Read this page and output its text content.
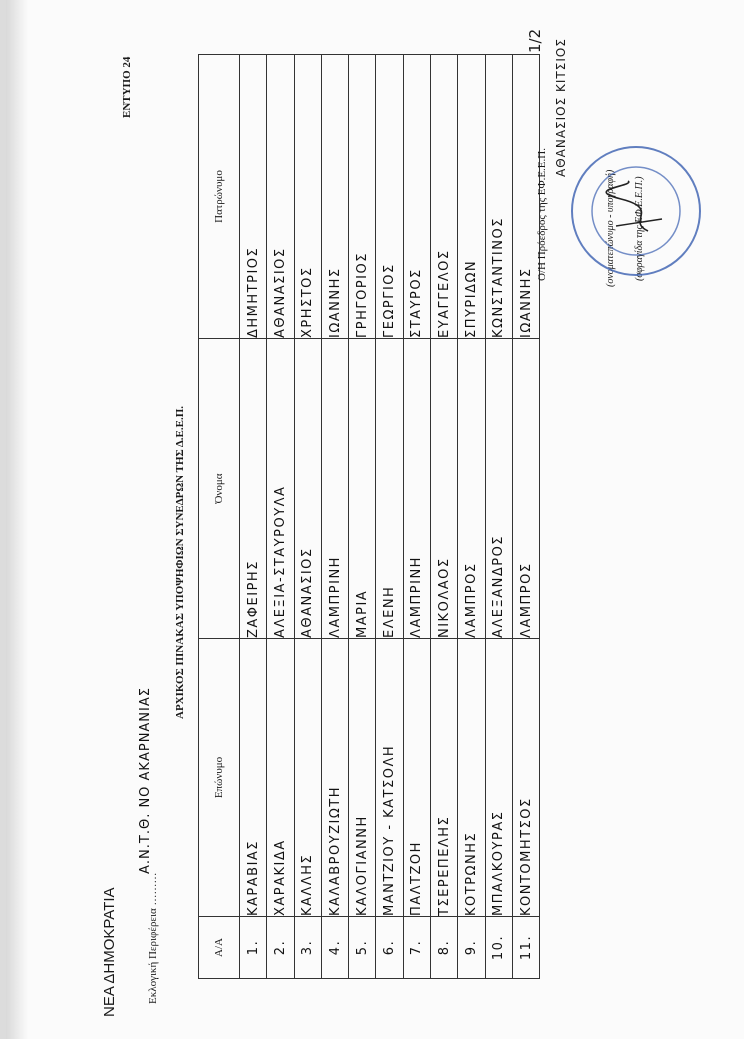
ΕΝΤΥΠΟ 24
ΝΕΑ ΔΗΜΟΚΡΑΤΙΑ	Εκλογική Περιφέρεια ………
Α.Ν.Τ.Θ. ΝΟ ΑΚΑΡΝΑΝΙΑΣ
ΑΡΧΙΚΟΣ ΠΙΝΑΚΑΣ ΥΠΟΨΗΦΙΩΝ ΣΥΝΕΔΡΩΝ ΤΗΣ Δ.Ε.Ε.Π.
Α/Α	Επώνυμο	Όνομα	Πατρώνυμο
1.	ΚΑΡΑΒΙΑΣ	ΖΑΦΕΙΡΗΣ	ΔΗΜΗΤΡΙΟΣ
2.	ΧΑΡΑΚΙΔΑ	ΑΛΕΞΙΑ-ΣΤΑΥΡΟΥΛΑ	ΑΘΑΝΑΣΙΟΣ
3.	ΚΑΛΛΗΣ	ΑΘΑΝΑΣΙΟΣ	ΧΡΗΣΤΟΣ
4.	ΚΑΛΑΒΡΟΥΖΙΩΤΗ	ΛΑΜΠΡΙΝΗ	ΙΩΑΝΝΗΣ
5.	ΚΑΛΟΓΙΑΝΝΗ	ΜΑΡΙΑ	ΓΡΗΓΟΡΙΟΣ
6.	ΜΑΝΤΖΙΟΥ - ΚΑΤΣΟΛΗ	ΕΛΕΝΗ	ΓΕΩΡΓΙΟΣ
7.	ΠΑΛΤΖΟΗ	ΛΑΜΠΡΙΝΗ	ΣΤΑΥΡΟΣ
8.	ΤΣΕΡΕΠΕΛΗΣ	ΝΙΚΟΛΑΟΣ	ΕΥΑΓΓΕΛΟΣ
9.	ΚΟΤΡΩΝΗΣ	ΛΑΜΠΡΟΣ	ΣΠΥΡΙΔΩΝ
10.	ΜΠΑΛΚΟΥΡΑΣ	ΑΛΕΞΑΝΔΡΟΣ	ΚΩΝΣΤΑΝΤΙΝΟΣ
11.	ΚΟΝΤΟΜΗΤΣΟΣ	ΛΑΜΠΡΟΣ	ΙΩΑΝΝΗΣ
1/2
Ο/Η Πρόεδρος της ΕΦ.Ε.Ε.Π.
ΑΘΑΝΑΣΙΟΣ ΚΙΤΣΙΟΣ
(ονοματεπώνυμο - υπογραφή) (σφραγίδα της ΕΦ.Ε.Ε.Π.)
